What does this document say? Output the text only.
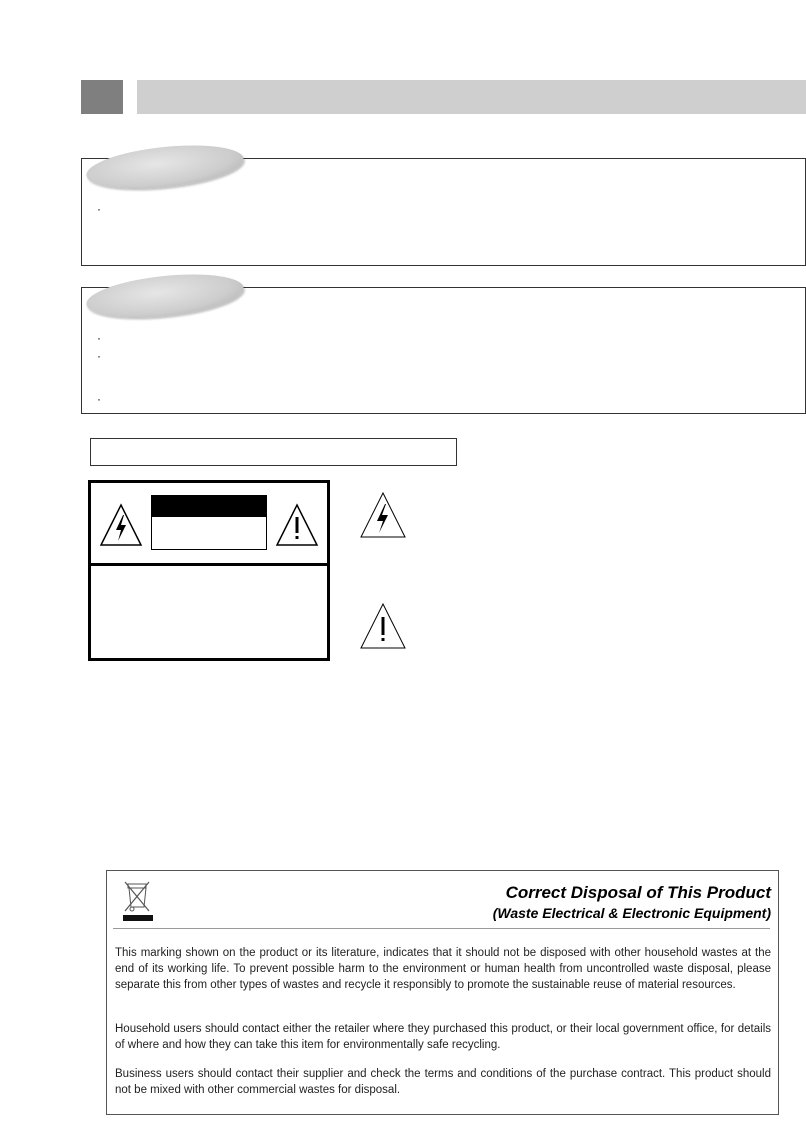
·
·
·
·
Correct Disposal of This Product
(Waste Electrical & Electronic Equipment)

This marking shown on the product or its literature, indicates that it should not be disposed with other household wastes at the end of its working life. To prevent possible harm to the environment or human health from uncontrolled waste disposal, please separate this from other types of wastes and recycle it responsibly to promote the sustainable reuse of material resources.

Household users should contact either the retailer where they purchased this product, or their local government office, for details of where and how they can take this item for environmentally safe recycling.

Business users should contact their supplier and check the terms and conditions of the purchase contract. This product should not be mixed with other commercial wastes for disposal.
